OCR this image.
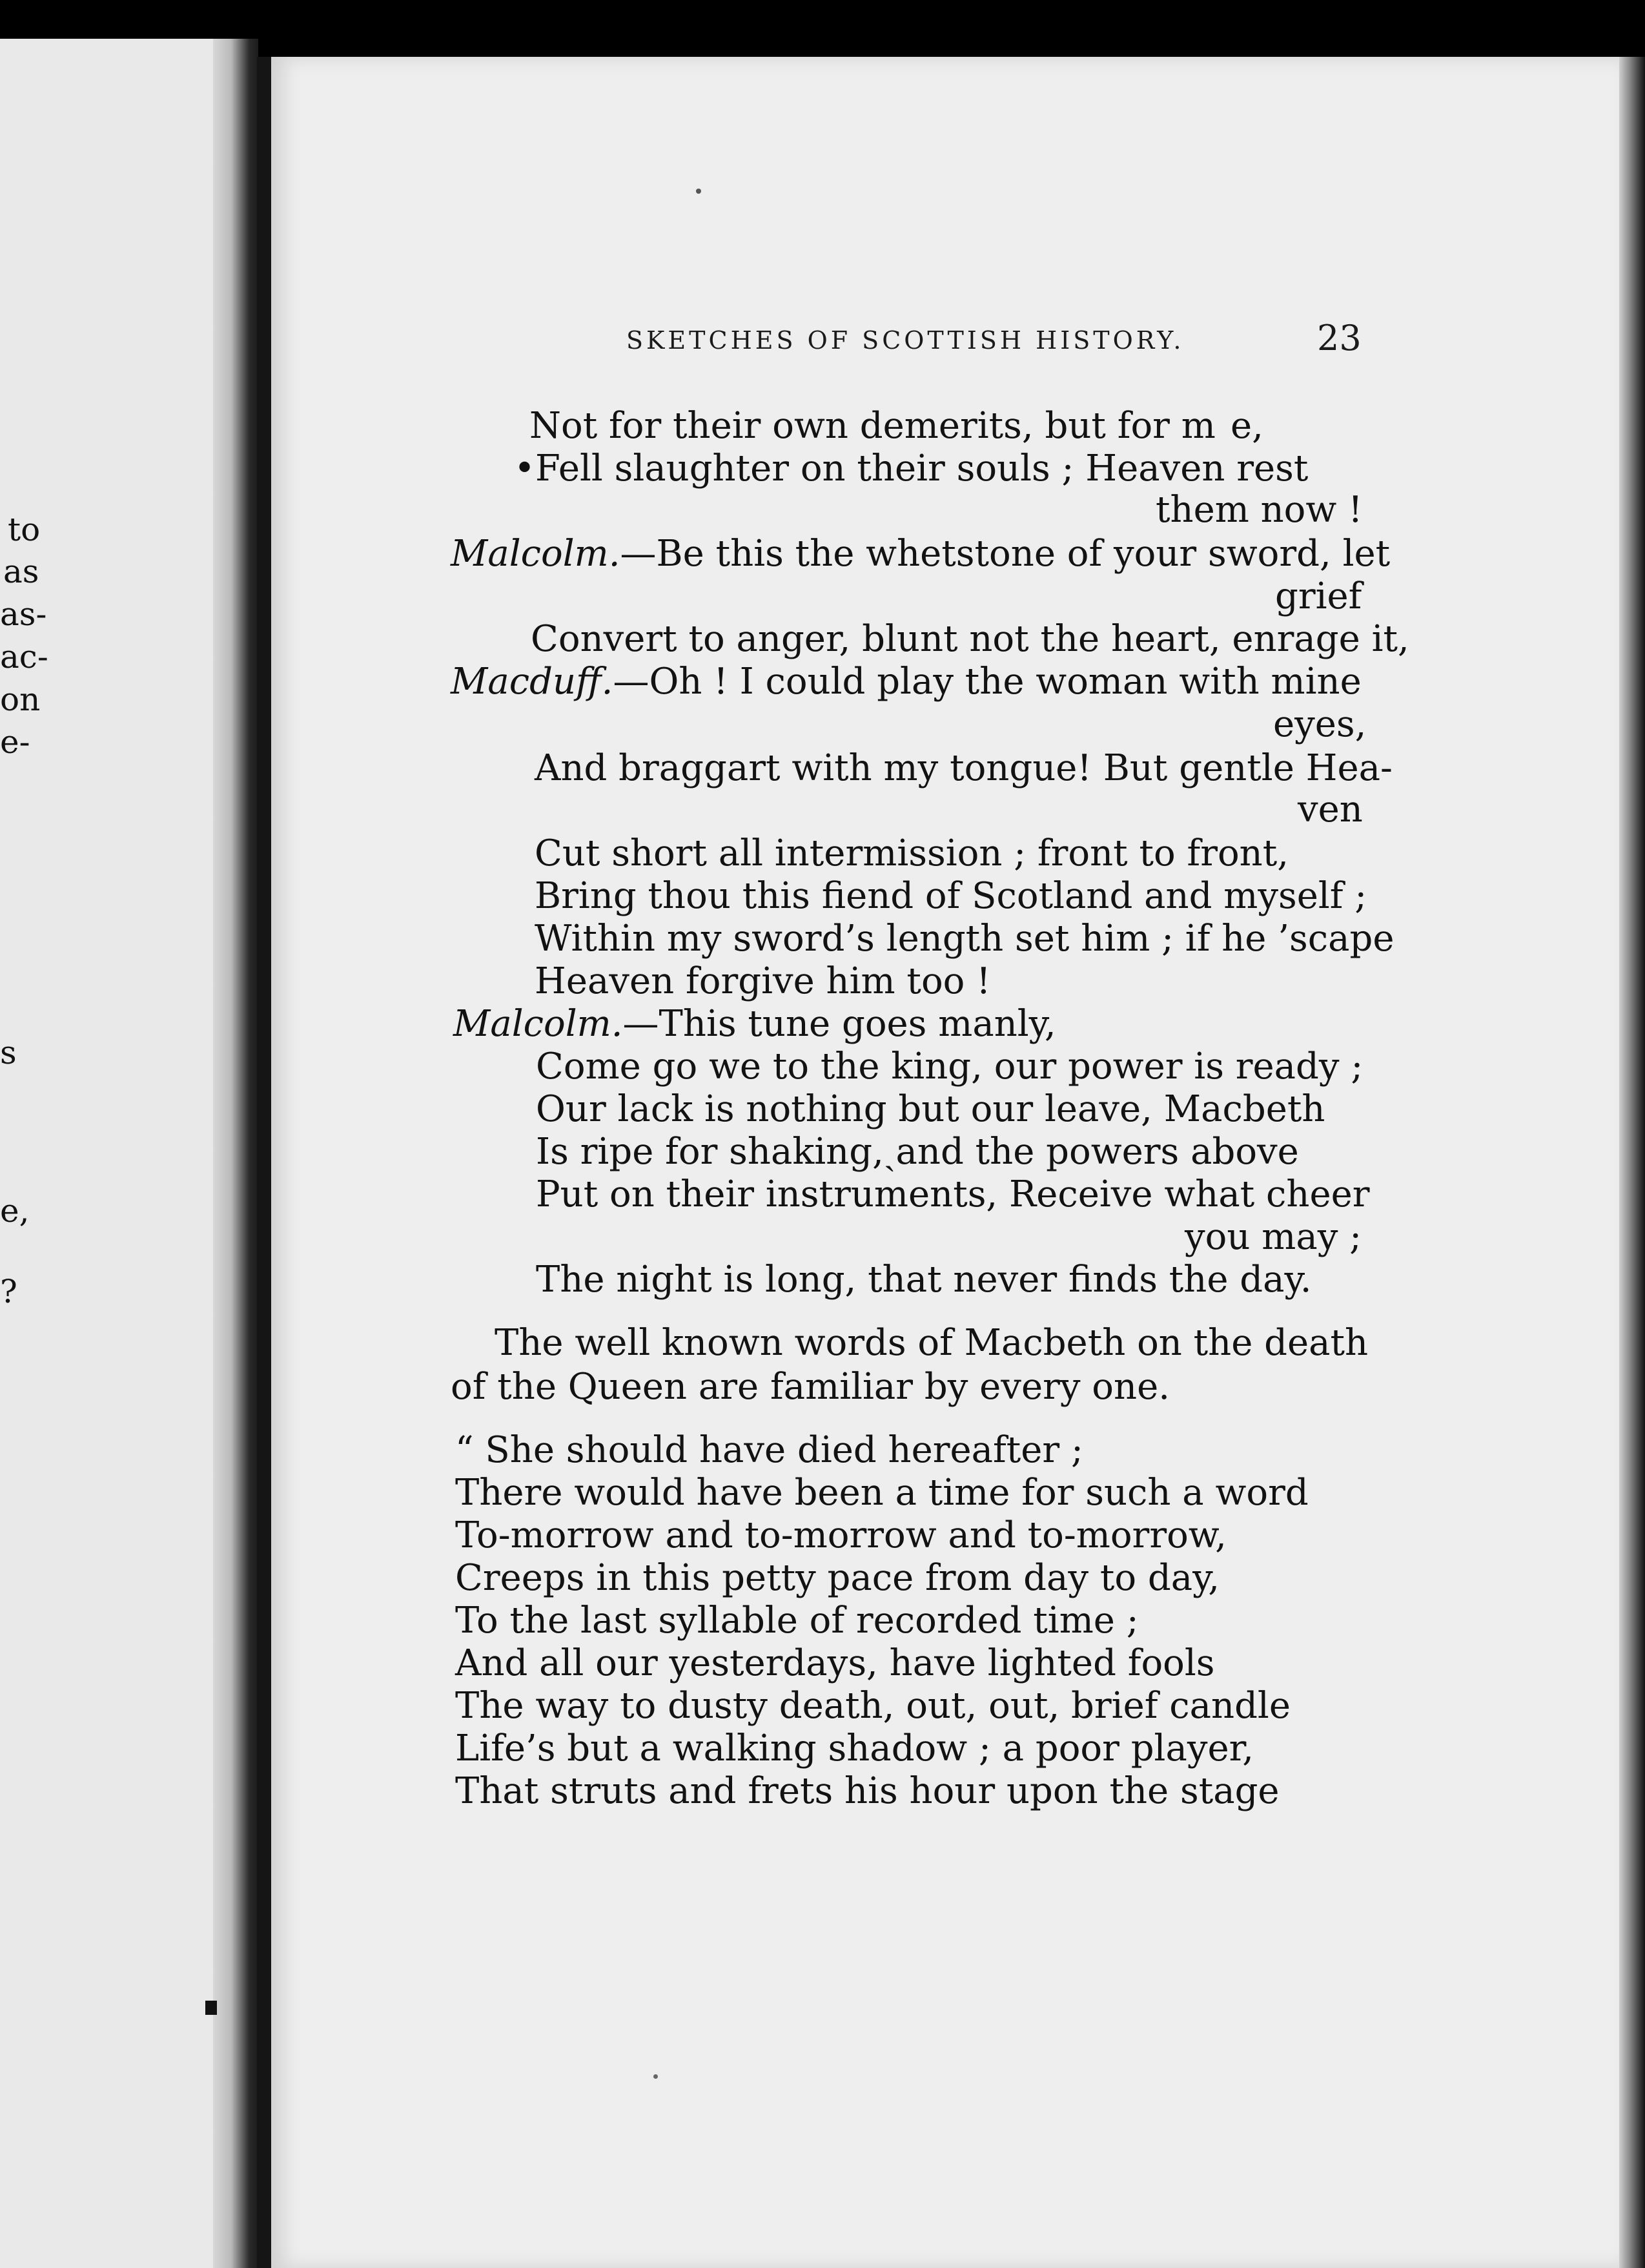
to
as
as-
ac-
on
e-
s
e,
?
SKETCHES OF SCOTTISH HISTORY.	23
Not for their own demerits, but for m e,
•Fell slaughter on their souls ; Heaven rest
them now !
Malcolm.—Be this the whetstone of your sword, let
grief
Convert to anger, blunt not the heart, enrage it,
Macduff.—Oh ! I could play the woman with mine
eyes,
And braggart with my tongue! But gentle Hea-
ven
Cut short all intermission ; front to front,
Bring thou this fiend of Scotland and myself ;
Within my sword’s length set him ; if he ’scape
Heaven forgive him too !
Malcolm.—This tune goes manly,
Come go we to the king, our power is ready ;
Our lack is nothing but our leave, Macbeth
Is ripe for shaking,ˏand the powers above
Put on their instruments, Receive what cheer
you may ;
The night is long, that never finds the day.
The well known words of Macbeth on the death
of the Queen are familiar by every one.
“ She should have died hereafter ;
There would have been a time for such a word
To-morrow and to-morrow and to-morrow,
Creeps in this petty pace from day to day,
To the last syllable of recorded time ;
And all our yesterdays, have lighted fools
The way to dusty death, out, out, brief candle
Life’s but a walking shadow ; a poor player,
That struts and frets his hour upon the stage
